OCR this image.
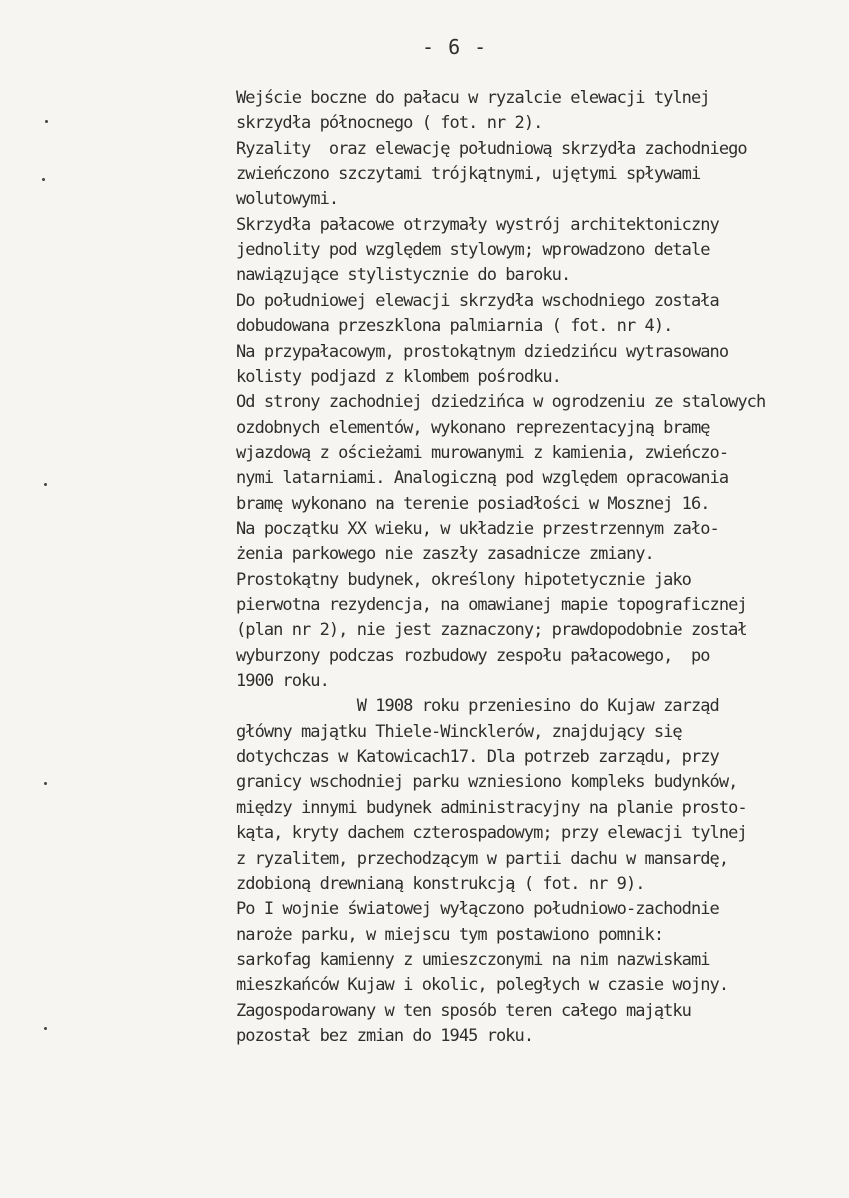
- 6 -
Wejście boczne do pałacu w ryzalcie elewacji tylnej
skrzydła północnego ( fot. nr 2).
Ryzality  oraz elewację południową skrzydła zachodniego
zwieńczono szczytami trójkątnymi, ujętymi spływami
wolutowymi.
Skrzydła pałacowe otrzymały wystrój architektoniczny
jednolity pod względem stylowym; wprowadzono detale
nawiązujące stylistycznie do baroku.
Do południowej elewacji skrzydła wschodniego została
dobudowana przeszklona palmiarnia ( fot. nr 4).
Na przypałacowym, prostokątnym dziedzińcu wytrasowano
kolisty podjazd z klombem pośrodku.
Od strony zachodniej dziedzińca w ogrodzeniu ze stalowych
ozdobnych elementów, wykonano reprezentacyjną bramę
wjazdową z ościeżami murowanymi z kamienia, zwieńczo-
nymi latarniami. Analogiczną pod względem opracowania
bramę wykonano na terenie posiadłości w Mosznej 16.
Na początku XX wieku, w układzie przestrzennym zało-
żenia parkowego nie zaszły zasadnicze zmiany.
Prostokątny budynek, określony hipotetycznie jako
pierwotna rezydencja, na omawianej mapie topograficznej
(plan nr 2), nie jest zaznaczony; prawdopodobnie został
wyburzony podczas rozbudowy zespołu pałacowego,  po
1900 roku.
W 1908 roku przeniesino do Kujaw zarząd
główny majątku Thiele-Wincklerów, znajdujący się
dotychczas w Katowicach17. Dla potrzeb zarządu, przy
granicy wschodniej parku wzniesiono kompleks budynków,
między innymi budynek administracyjny na planie prosto-
kąta, kryty dachem czterospadowym; przy elewacji tylnej
z ryzalitem, przechodzącym w partii dachu w mansardę,
zdobioną drewnianą konstrukcją ( fot. nr 9).
Po I wojnie światowej wyłączono południowo-zachodnie
naroże parku, w miejscu tym postawiono pomnik:
sarkofag kamienny z umieszczonymi na nim nazwiskami
mieszkańców Kujaw i okolic, poległych w czasie wojny.
Zagospodarowany w ten sposób teren całego majątku
pozostał bez zmian do 1945 roku.
